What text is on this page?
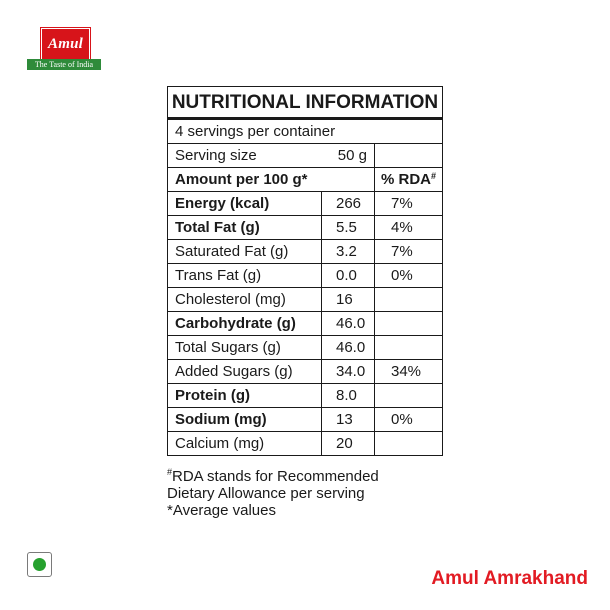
Amul
The Taste of India
NUTRITIONAL INFORMATION		
4 servings per container		
Serving size	50 g	
Amount per 100 g*		% RDA#
Energy (kcal)	266	7%
Total Fat (g)	5.5	4%
Saturated Fat (g)	3.2	7%
Trans Fat (g)	0.0	0%
Cholesterol (mg)	16	
Carbohydrate (g)	46.0	
Total Sugars (g)	46.0	
Added Sugars (g)	34.0	34%
Protein (g)	8.0	
Sodium (mg)	13	0%
Calcium (mg)	20	

#RDA stands for Recommended

Dietary Allowance per serving

*Average values

Amul Amrakhand
